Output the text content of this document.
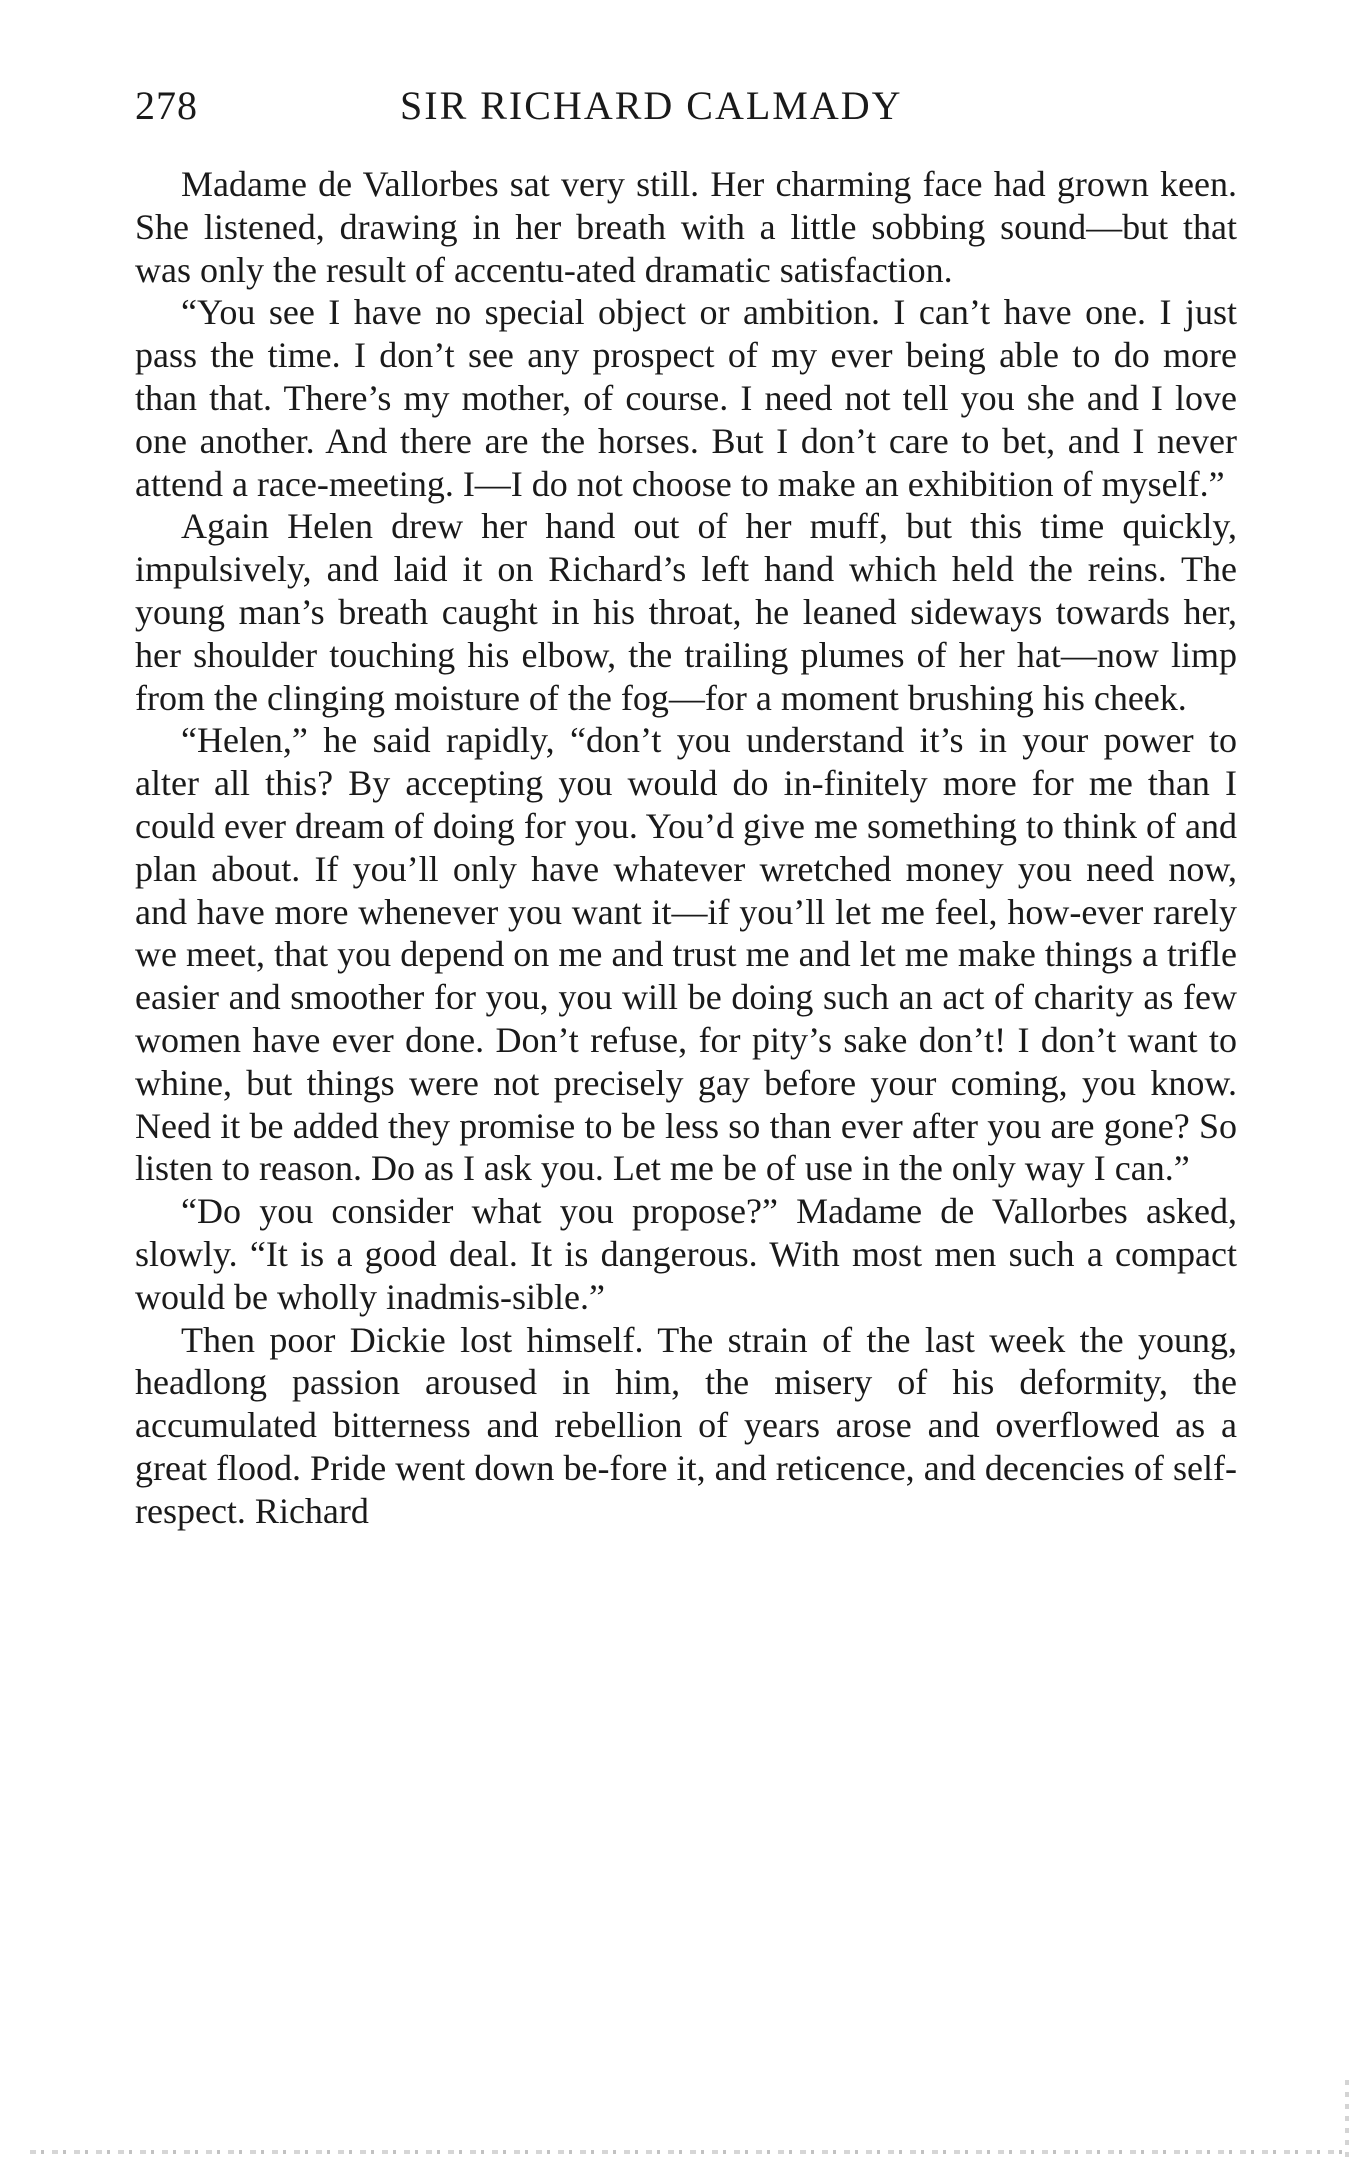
278	SIR RICHARD CALMADY

Madame de Vallorbes sat very still. Her charming face had grown keen. She listened, drawing in her breath with a little sobbing sound—but that was only the result of accentu-ated dramatic satisfaction.

“You see I have no special object or ambition. I can’t have one. I just pass the time. I don’t see any prospect of my ever being able to do more than that. There’s my mother, of course. I need not tell you she and I love one another. And there are the horses. But I don’t care to bet, and I never attend a race-meeting. I—I do not choose to make an exhibition of myself.”

Again Helen drew her hand out of her muff, but this time quickly, impulsively, and laid it on Richard’s left hand which held the reins. The young man’s breath caught in his throat, he leaned sideways towards her, her shoulder touching his elbow, the trailing plumes of her hat—now limp from the clinging moisture of the fog—for a moment brushing his cheek.

“Helen,” he said rapidly, “don’t you understand it’s in your power to alter all this? By accepting you would do in-finitely more for me than I could ever dream of doing for you. You’d give me something to think of and plan about. If you’ll only have whatever wretched money you need now, and have more whenever you want it—if you’ll let me feel, how-ever rarely we meet, that you depend on me and trust me and let me make things a trifle easier and smoother for you, you will be doing such an act of charity as few women have ever done. Don’t refuse, for pity’s sake don’t! I don’t want to whine, but things were not precisely gay before your coming, you know. Need it be added they promise to be less so than ever after you are gone? So listen to reason. Do as I ask you. Let me be of use in the only way I can.”

“Do you consider what you propose?” Madame de Vallorbes asked, slowly. “It is a good deal. It is dangerous. With most men such a compact would be wholly inadmis-sible.”

Then poor Dickie lost himself. The strain of the last week the young, headlong passion aroused in him, the misery of his deformity, the accumulated bitterness and rebellion of years arose and overflowed as a great flood. Pride went down be-fore it, and reticence, and decencies of self-respect. Richard
